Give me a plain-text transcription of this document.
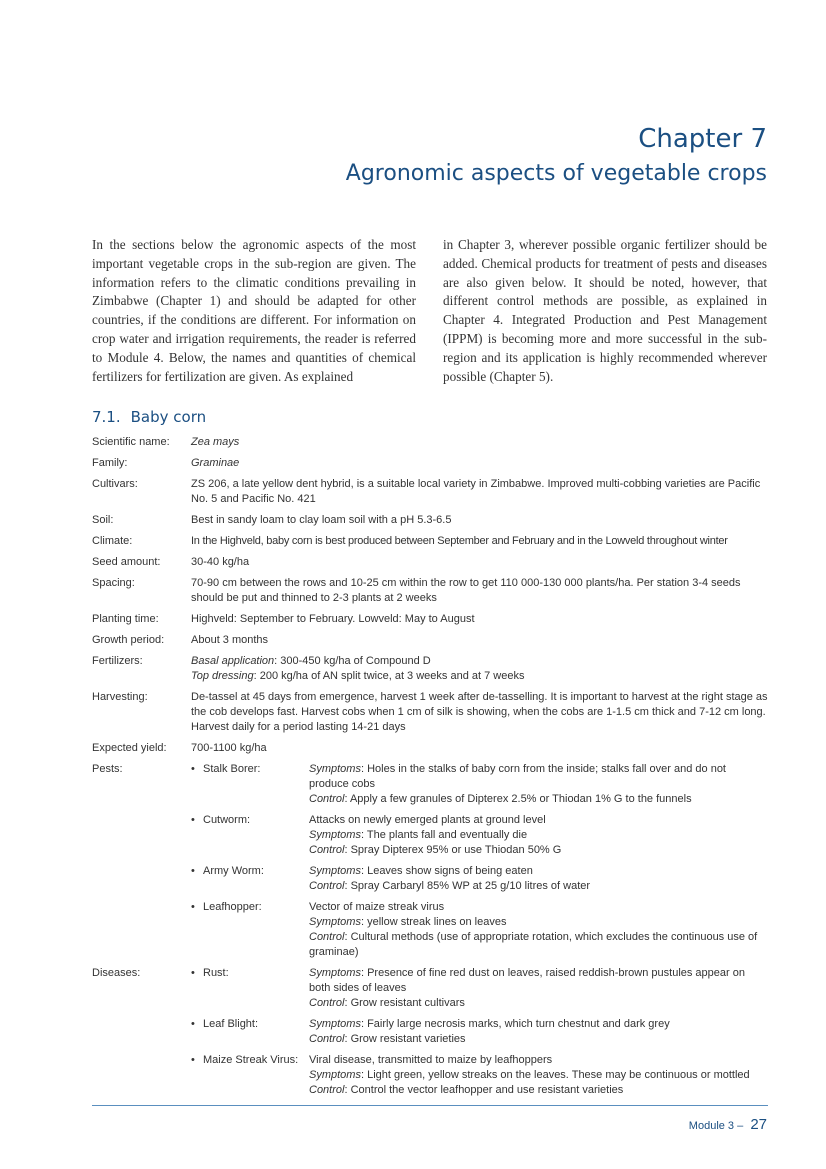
Chapter 7
Agronomic aspects of vegetable crops

In the sections below the agronomic aspects of the most important vegetable crops in the sub-region are given. The information refers to the climatic conditions prevailing in Zimbabwe (Chapter 1) and should be adapted for other countries, if the conditions are different. For information on crop water and irrigation requirements, the reader is referred to Module 4. Below, the names and quantities of chemical fertilizers for fertilization are given. As explained

in Chapter 3, wherever possible organic fertilizer should be added. Chemical products for treatment of pests and diseases are also given below. It should be noted, however, that different control methods are possible, as explained in Chapter 4. Integrated Production and Pest Management (IPPM) is becoming more and more successful in the sub-region and its application is highly recommended wherever possible (Chapter 5).

7.1. Baby corn
Scientific name:	Zea mays
Family:	Graminae
Cultivars:	ZS 206, a late yellow dent hybrid, is a suitable local variety in Zimbabwe. Improved multi-cobbing varieties are Pacific No. 5 and Pacific No. 421
Soil:	Best in sandy loam to clay loam soil with a pH 5.3-6.5
Climate:	In the Highveld, baby corn is best produced between September and February and in the Lowveld throughout winter
Seed amount:	30-40 kg/ha
Spacing:	70-90 cm between the rows and 10-25 cm within the row to get 110 000-130 000 plants/ha. Per station 3-4 seeds should be put and thinned to 2-3 plants at 2 weeks
Planting time:	Highveld: September to February. Lowveld: May to August
Growth period:	About 3 months
Fertilizers:	Basal application: 300-450 kg/ha of Compound D
Top dressing: 200 kg/ha of AN split twice, at 3 weeks and at 7 weeks
Harvesting:	De-tassel at 45 days from emergence, harvest 1 week after de-tasselling. It is important to harvest at the right stage as the cob develops fast. Harvest cobs when 1 cm of silk is showing, when the cobs are 1-1.5 cm thick and 7-12 cm long. Harvest daily for a period lasting 14-21 days
Expected yield:	700-1100 kg/ha
Pests:	• Stalk Borer:	Symptoms: Holes in the stalks of baby corn from the inside; stalks fall over and do not produce cobs
Control: Apply a few granules of Dipterex 2.5% or Thiodan 1% G to the funnels
• Cutworm:	Attacks on newly emerged plants at ground level
Symptoms: The plants fall and eventually die
Control: Spray Dipterex 95% or use Thiodan 50% G
• Army Worm:	Symptoms: Leaves show signs of being eaten
Control: Spray Carbaryl 85% WP at 25 g/10 litres of water
• Leafhopper:	Vector of maize streak virus
Symptoms: yellow streak lines on leaves
Control: Cultural methods (use of appropriate rotation, which excludes the continuous use of graminae)
Diseases:	• Rust:	Symptoms: Presence of fine red dust on leaves, raised reddish-brown pustules appear on both sides of leaves
Control: Grow resistant cultivars
• Leaf Blight:	Symptoms: Fairly large necrosis marks, which turn chestnut and dark grey
Control: Grow resistant varieties
• Maize Streak Virus: Viral disease, transmitted to maize by leafhoppers
Symptoms: Light green, yellow streaks on the leaves. These may be continuous or mottled
Control: Control the vector leafhopper and use resistant varieties
Module 3 – 27
